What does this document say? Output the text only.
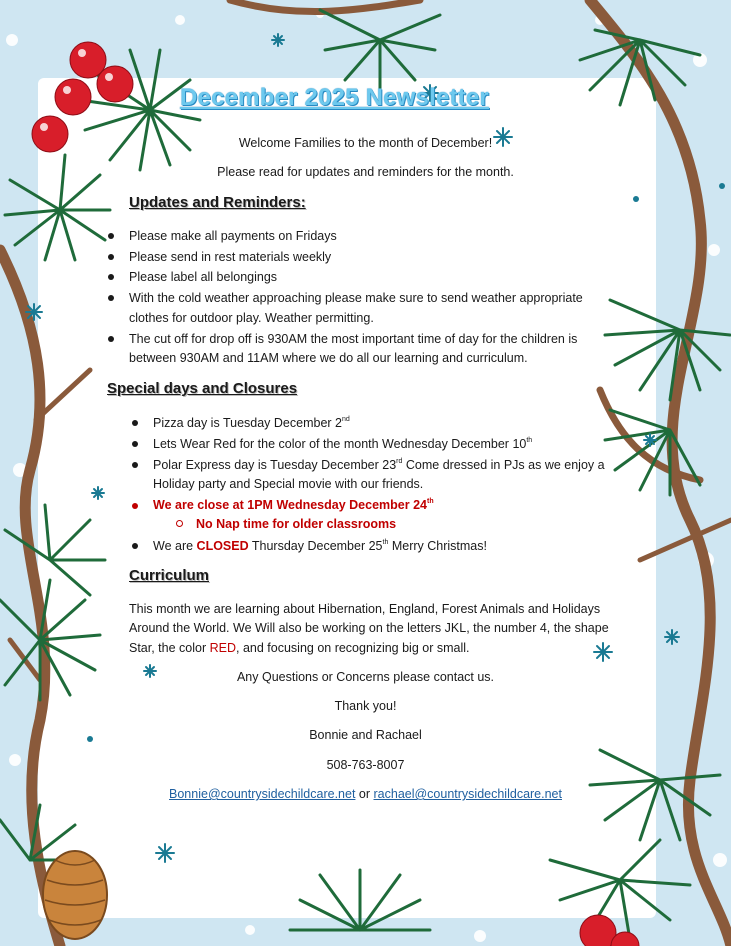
December 2025 Newsletter
Welcome Families to the month of December!
Please read for updates and reminders for the month.
Updates and Reminders:
Please make all payments on Fridays
Please send in rest materials weekly
Please label all belongings
With the cold weather approaching please make sure to send weather appropriate
clothes for outdoor play. Weather permitting.
The cut off for drop off is 930AM the most important time of day for the children is
between 930AM and 11AM where we do all our learning and curriculum.
Special days and Closures
Pizza day is Tuesday December 2nd
Lets Wear Red for the color of the month Wednesday December 10th
Polar Express day is Tuesday December 23rd Come dressed in PJs as we enjoy a
Holiday party and Special movie with our friends.
We are close at 1PM Wednesday December 24th
No Nap time for older classrooms
We are CLOSED Thursday December 25th Merry Christmas!
Curriculum
This month we are learning about Hibernation, England, Forest Animals and Holidays
Around the World. We Will also be working on the letters JKL, the number 4, the shape
Star, the color RED, and focusing on recognizing big or small.
Any Questions or Concerns please contact us.
Thank you!
Bonnie and Rachael
508-763-8007
Bonnie@countrysidechildcare.net or rachael@countrysidechildcare.net
